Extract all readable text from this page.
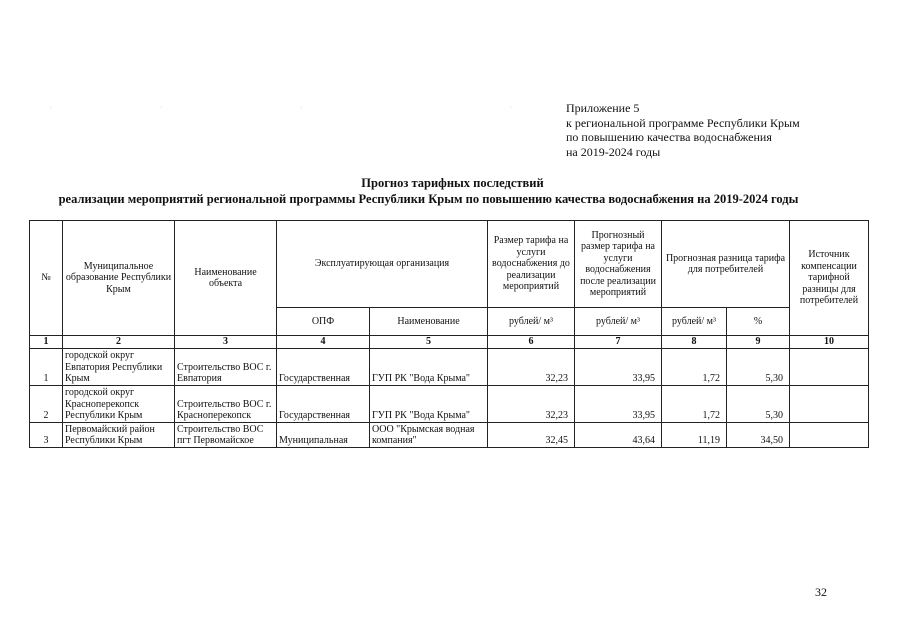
·	·	·	·	Приложение 5
к региональной программе Республики Крым
по повышению качества водоснабжения
на 2019-2024 годы
Прогноз тарифных последствий
реализации мероприятий региональной программы Республики Крым по повышению качества водоснабжения на 2019-2024 годы
№	Муниципальное образование Республики Крым	Наименование объекта	Эксплуатирующая организация		Размер тарифа на услуги водоснабжения до реализации мероприятий	Прогнозный размер тарифа на услуги водоснабжения после реализации мероприятий	Прогнозная разница тарифа для потребителей		Источник компенсации тарифной разницы для потребителей
			ОПФ	Наименование	рублей/ м³	рублей/ м³	рублей/ м³	%	
1	2	3	4	5	6	7	8	9	10
1	городской округ Евпатория Республики Крым	Строительство ВОС г. Евпатория	Государственная	ГУП РК "Вода Крыма"	32,23	33,95	1,72	5,30	
2	городской округ Красноперекопск Республики Крым	Строительство ВОС г. Красноперекопск	Государственная	ГУП РК "Вода Крыма"	32,23	33,95	1,72	5,30	
3	Первомайский район Республики Крым	Строительство ВОС пгт Первомайское	Муниципальная	ООО "Крымская водная компания"	32,45	43,64	11,19	34,50	
32
